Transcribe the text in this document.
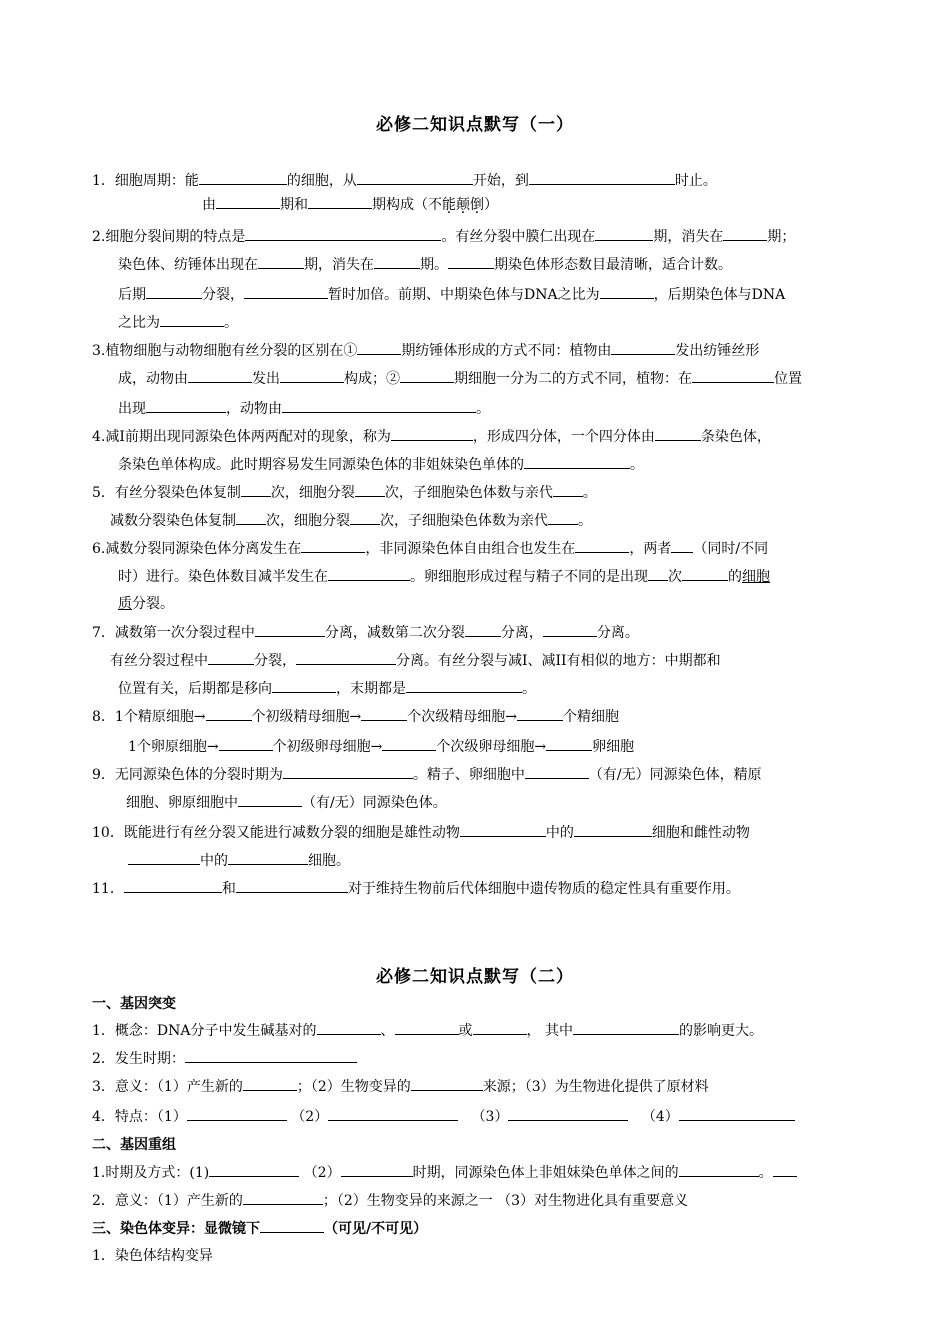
必修二知识点默写（一）
1．细胞周期：能	的细胞，从	开始，到	时止。
由	期和	期构成（不能颠倒）
2.细胞分裂间期的特点是	。有丝分裂中膜仁出现在	期，消失在	期；
染色体、纺锤体出现在	期，消失在	期。	期染色体形态数目最清晰，适合计数。
后期	分裂，	暂时加倍。前期、中期染色体与DNA之比为	，后期染色体与DNA
之比为	。
3.植物细胞与动物细胞有丝分裂的区别在①	期纺锤体形成的方式不同：植物由	发出纺锤丝形
成，动物由	发出	构成；②	期细胞一分为二的方式不同，植物：在	位置
出现	，动物由	。
4.减Ⅰ前期出现同源染色体两两配对的现象，称为	，形成四分体，一个四分体由	条染色体，
条染色单体构成。此时期容易发生同源染色体的非姐妹染色单体的	。
5．有丝分裂染色体复制 次，细胞分裂 次，子细胞染色体数与亲代 。
减数分裂染色体复制 次，细胞分裂 次，子细胞染色体数为亲代 。
6.减数分裂同源染色体分离发生在	，非同源染色体自由组合也发生在	，两者 （同时/不同
时）进行。染色体数目减半发生在	。卵细胞形成过程与精子不同的是出现 次	的细胞
质分裂。
7．减数第一次分裂过程中	分离，减数第二次分裂	分离，	分离。
有丝分裂过程中	分裂，	分离。有丝分裂与减Ⅰ、减II有相似的地方：中期都和
位置有关，后期都是移向	，末期都是	。
8．1个精原细胞→	个初级精母细胞→	个次级精母细胞→	个精细胞
1个卵原细胞→	个初级卵母细胞→	个次级卵母细胞→	卵细胞
9．无同源染色体的分裂时期为	。精子、卵细胞中	（有/无）同源染色体，精原
细胞、卵原细胞中	（有/无）同源染色体。
10．既能进行有丝分裂又能进行减数分裂的细胞是雄性动物	中的	细胞和雌性动物
中的	细胞。
11．	和	对于维持生物前后代体细胞中遗传物质的稳定性具有重要作用。
必修二知识点默写（二）
一、基因突变
1．概念：DNA分子中发生碱基对的	、	或	， 其中	的影响更大。
2．发生时期：
3．意义：（1）产生新的	；（2）生物变异的	来源；（3）为生物进化提供了原材料
4．特点：（1）	（2）	（3）	（4）
二、基因重组
1.时期及方式：(1)	（2）	时期，同源染色体上非姐妹染色单体之间的	。
2．意义：（1）产生新的	；（2）生物变异的来源之一 （3）对生物进化具有重要意义
三、染色体变异：显微镜下	（可见/不可见）
1．染色体结构变异
